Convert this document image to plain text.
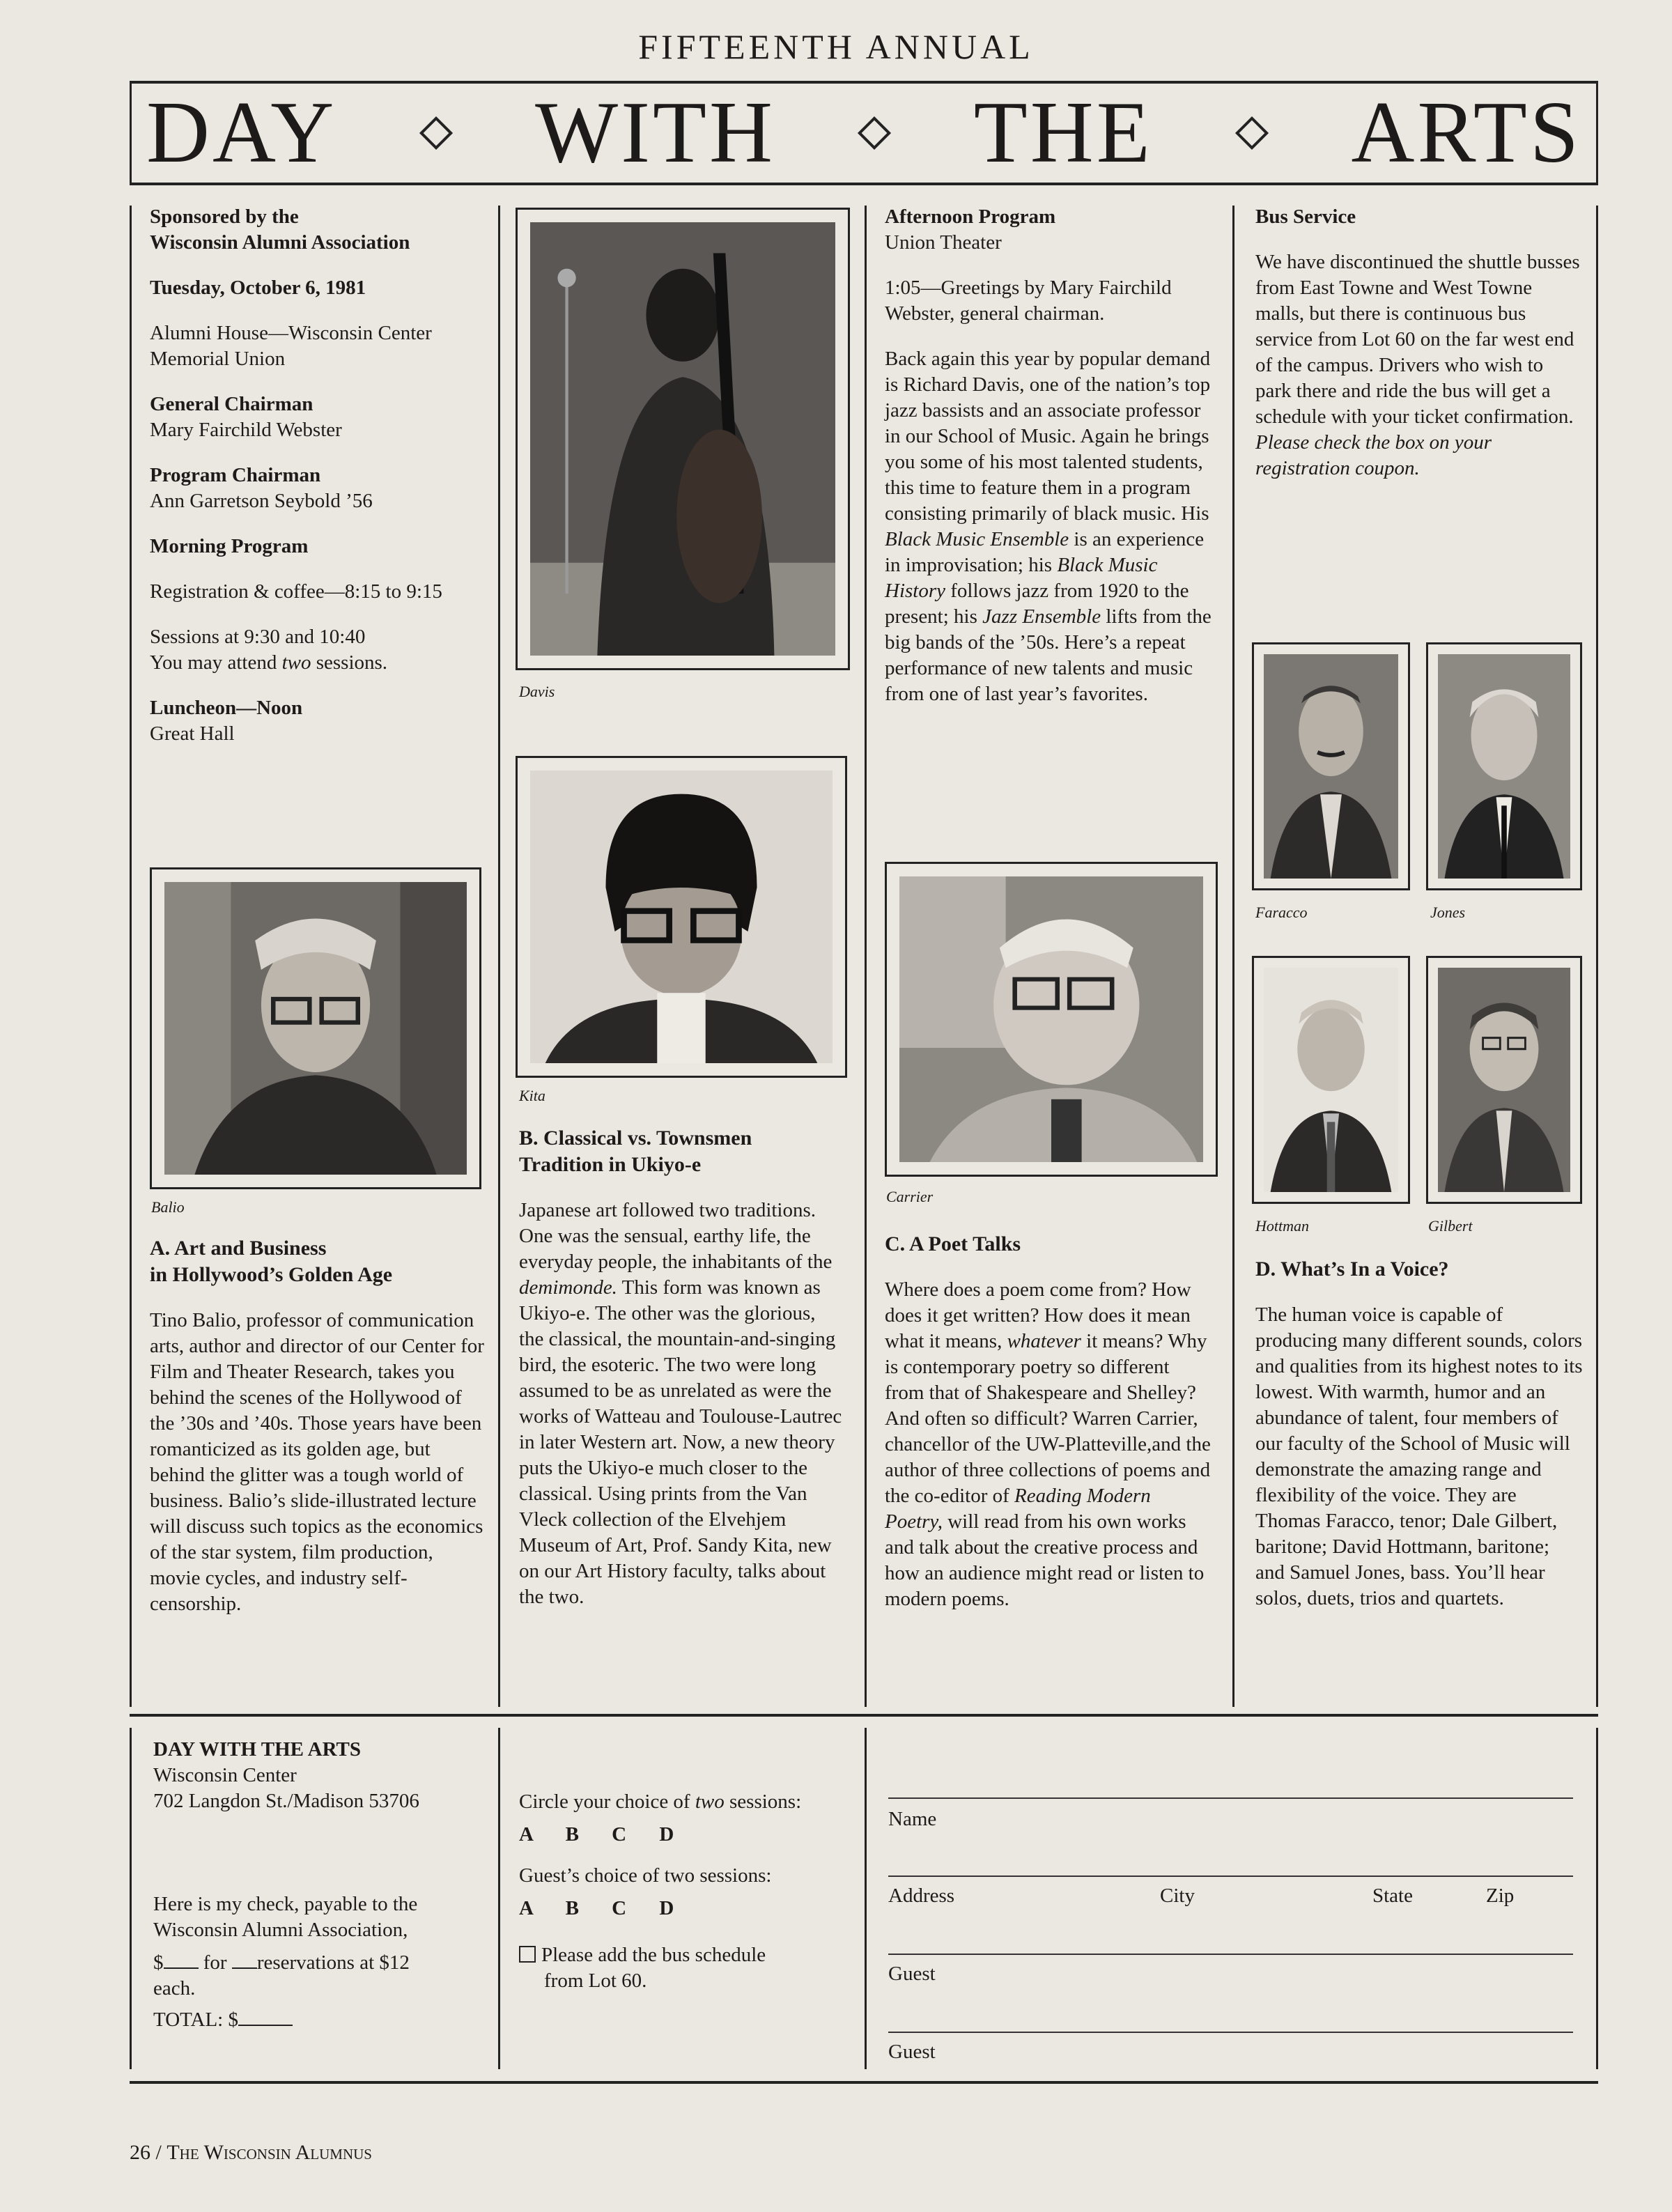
FIFTEENTH ANNUAL
DAY WITH THE ARTS

Sponsored by the
Wisconsin Alumni Association

Tuesday, October 6, 1981

Alumni House—Wisconsin Center
Memorial Union

General Chairman
Mary Fairchild Webster

Program Chairman
Ann Garretson Seybold ’56

Morning Program

Registration & coffee—8:15 to 9:15

Sessions at 9:30 and 10:40
You may attend two sessions.

Luncheon—Noon
Great Hall

Balio

A. Art and Business
in Hollywood’s Golden Age

Tino Balio, professor of communication arts, author and director of our Center for Film and Theater Research, takes you behind the scenes of the Hollywood of the ’30s and ’40s. Those years have been romanticized as its golden age, but behind the glitter was a tough world of business. Balio’s slide-illustrated lecture will discuss such topics as the economics of the star system, film production, movie cycles, and industry self-censorship.

Davis
Kita

B. Classical vs. Townsmen
Tradition in Ukiyo-e

Japanese art followed two traditions. One was the sensual, earthy life, the everyday people, the inhabitants of the demimonde. This form was known as Ukiyo-e. The other was the glorious, the classical, the mountain-and-singing bird, the esoteric. The two were long assumed to be as unrelated as were the works of Watteau and Toulouse-Lautrec in later Western art. Now, a new theory puts the Ukiyo-e much closer to the classical. Using prints from the Van Vleck collection of the Elvehjem Museum of Art, Prof. Sandy Kita, new on our Art History faculty, talks about the two.

Afternoon Program
Union Theater

1:05—Greetings by Mary Fairchild Webster, general chairman.

Back again this year by popular demand is Richard Davis, one of the nation’s top jazz bassists and an associate professor in our School of Music. Again he brings you some of his most talented students, this time to feature them in a program consisting primarily of black music. His Black Music Ensemble is an experience in improvisation; his Black Music History follows jazz from 1920 to the present; his Jazz Ensemble lifts from the big bands of the ’50s. Here’s a repeat performance of new talents and music from one of last year’s favorites.

Carrier

C. A Poet Talks

Where does a poem come from? How does it get written? How does it mean what it means, whatever it means? Why is contemporary poetry so different from that of Shakespeare and Shelley? And often so difficult? Warren Carrier, chancellor of the UW-Platteville,and the author of three collections of poems and the co-editor of Reading Modern Poetry, will read from his own works and talk about the creative process and how an audience might read or listen to modern poems.

Bus Service

We have discontinued the shuttle busses from East Towne and West Towne malls, but there is continuous bus service from Lot 60 on the far west end of the campus. Drivers who wish to park there and ride the bus will get a schedule with your ticket confirmation. Please check the box on your registration coupon.

Faracco	Jones
Hottman	Gilbert

D. What’s In a Voice?

The human voice is capable of producing many different sounds, colors and qualities from its highest notes to its lowest. With warmth, humor and an abundance of talent, four members of our faculty of the School of Music will demonstrate the amazing range and flexibility of the voice. They are Thomas Faracco, tenor; Dale Gilbert, baritone; David Hottmann, baritone; and Samuel Jones, bass. You’ll hear solos, duets, trios and quartets.

DAY WITH THE ARTS
Wisconsin Center
702 Langdon St./Madison 53706
Here is my check, payable to the
Wisconsin Alumni Association,
$ for reservations at $12
each.
TOTAL: $
Circle your choice of two sessions:
A B C D
Guest’s choice of two sessions:
A B C D
Please add the bus schedule
from Lot 60.
Name
Address	City	State	Zip
Guest
Guest
26 / The Wisconsin Alumnus
